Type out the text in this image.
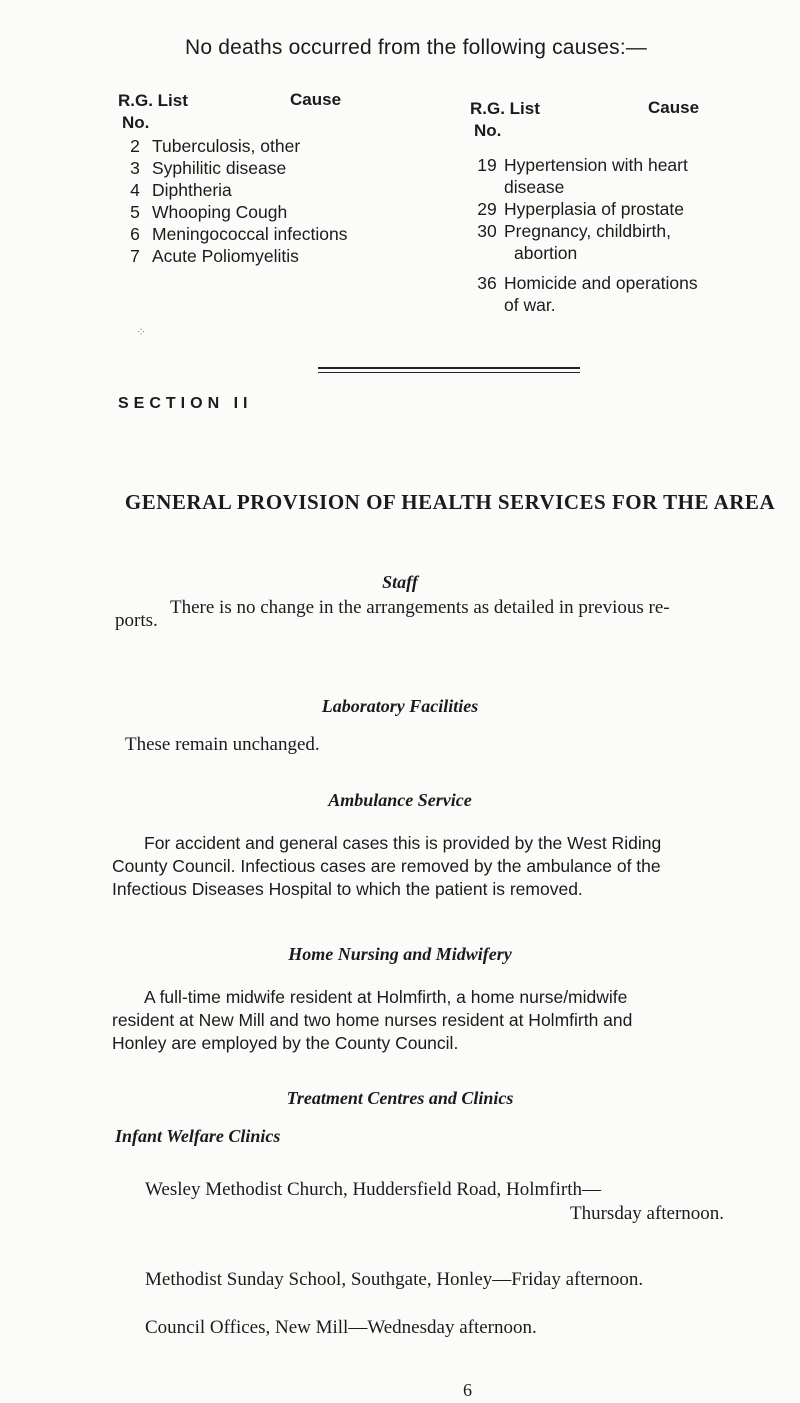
No deaths occurred from the following causes:—
R.G. List
No.
Cause
2 Tuberculosis, other
3 Syphilitic disease
4 Diphtheria
5 Whooping Cough
6 Meningococcal infections
7 Acute Poliomyelitis
R.G. List
No.
Cause
19 Hypertension with heart
disease
29 Hyperplasia of prostate
30 Pregnancy, childbirth,
abortion
36 Homicide and operations
of war.
⁘
SECTION II
GENERAL PROVISION OF HEALTH SERVICES FOR THE AREA
Staff
ports.
There is no change in the arrangements as detailed in previous re-
Laboratory Facilities
These remain unchanged.
Ambulance Service
For accident and general cases this is provided by the West Riding
County Council. Infectious cases are removed by the ambulance of the
Infectious Diseases Hospital to which the patient is removed.
Home Nursing and Midwifery
A full-time midwife resident at Holmfirth, a home nurse/midwife
resident at New Mill and two home nurses resident at Holmfirth and
Honley are employed by the County Council.
Treatment Centres and Clinics
Infant Welfare Clinics
Wesley Methodist Church, Huddersfield Road, Holmfirth—
Thursday afternoon.
Methodist Sunday School, Southgate, Honley—Friday afternoon.
Council Offices, New Mill—Wednesday afternoon.
6
